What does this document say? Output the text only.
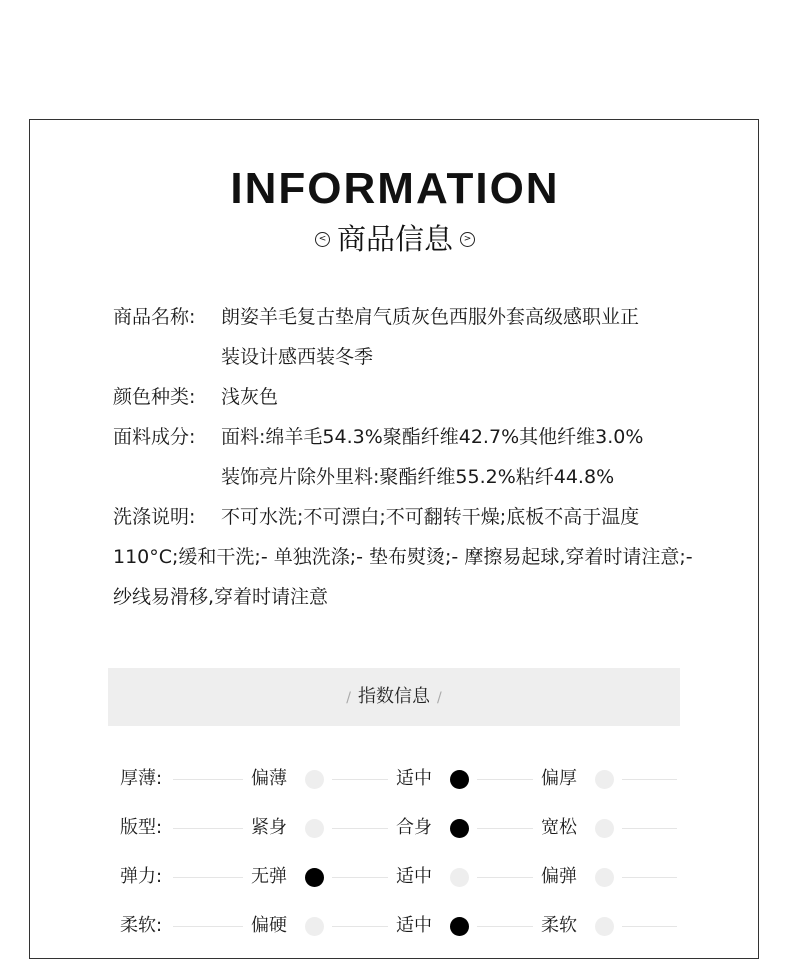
INFORMATION
< 商品信息 >
商品名称:	朗姿羊毛复古垫肩气质灰色西服外套高级感职业正
装设计感西装冬季
颜色种类:	浅灰色
面料成分:	面料:绵羊毛54.3%聚酯纤维42.7%其他纤维3.0%
装饰亮片除外里料:聚酯纤维55.2%粘纤44.8%
洗涤说明:	不可水洗;不可漂白;不可翻转干燥;底板不高于温度110°C;缓和干洗;- 单独洗涤;- 垫布熨烫;- 摩擦易起球,穿着时请注意;- 纱线易滑移,穿着时请注意
/ 指数信息 /
厚薄:	偏薄	适中	偏厚
版型:	紧身	合身	宽松
弹力:	无弹	适中	偏弹
柔软:	偏硬	适中	柔软
